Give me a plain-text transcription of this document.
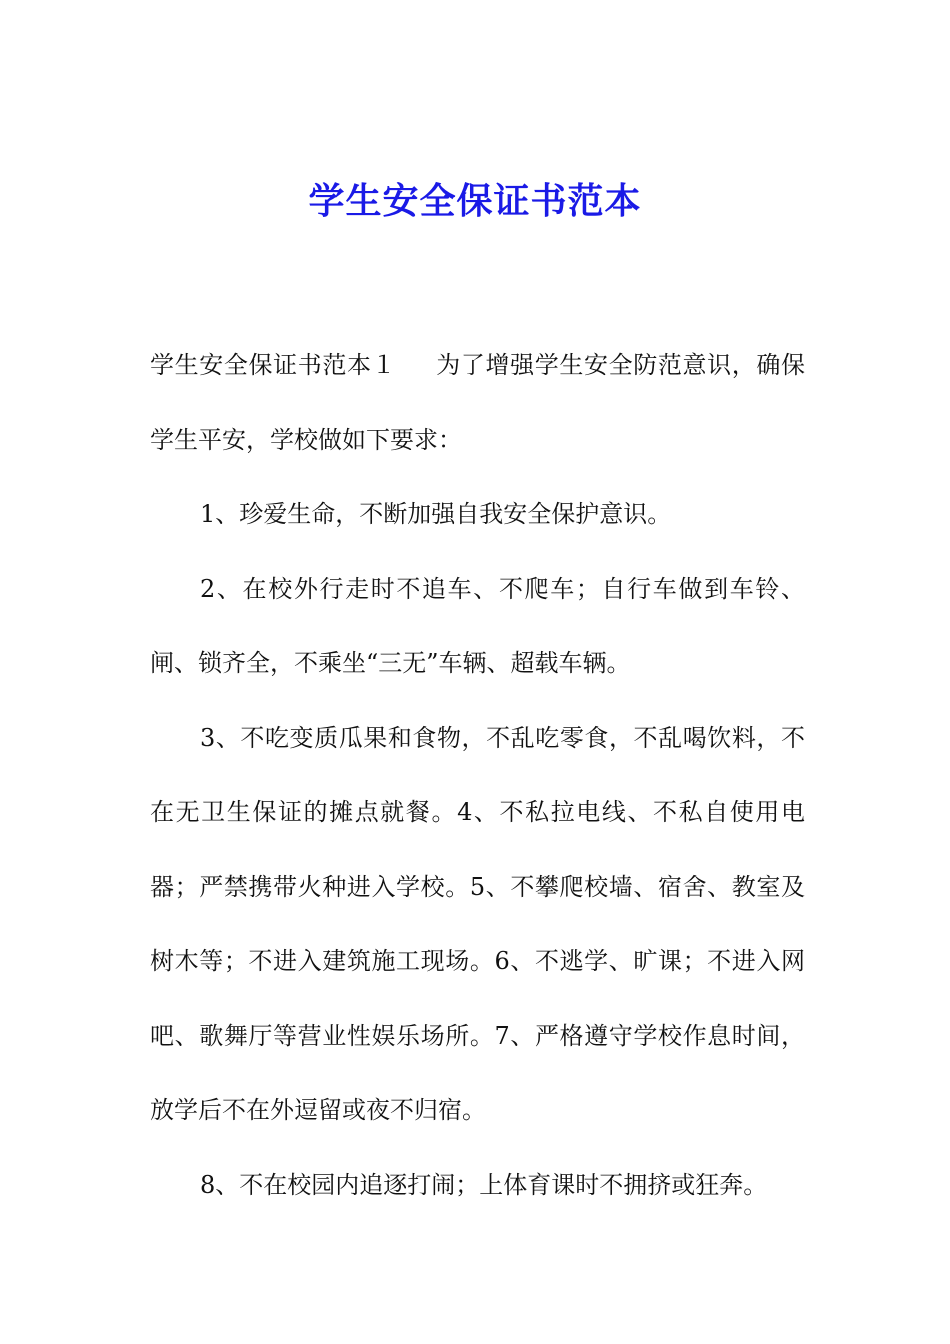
学生安全保证书范本

学生安全保证书范本１ 为了增强学生安全防范意识，确保学生平安，学校做如下要求：

1、珍爱生命，不断加强自我安全保护意识。

2、在校外行走时不追车、不爬车；自行车做到车铃、闸、锁齐全，不乘坐“三无”车辆、超载车辆。

3、不吃变质瓜果和食物，不乱吃零食，不乱喝饮料，不在无卫生保证的摊点就餐。4、不私拉电线、不私自使用电器；严禁携带火种进入学校。5、不攀爬校墙、宿舍、教室及树木等；不进入建筑施工现场。6、不逃学、旷课；不进入网吧、歌舞厅等营业性娱乐场所。7、严格遵守学校作息时间，放学后不在外逗留或夜不归宿。

8、不在校园内追逐打闹；上体育课时不拥挤或狂奔。
